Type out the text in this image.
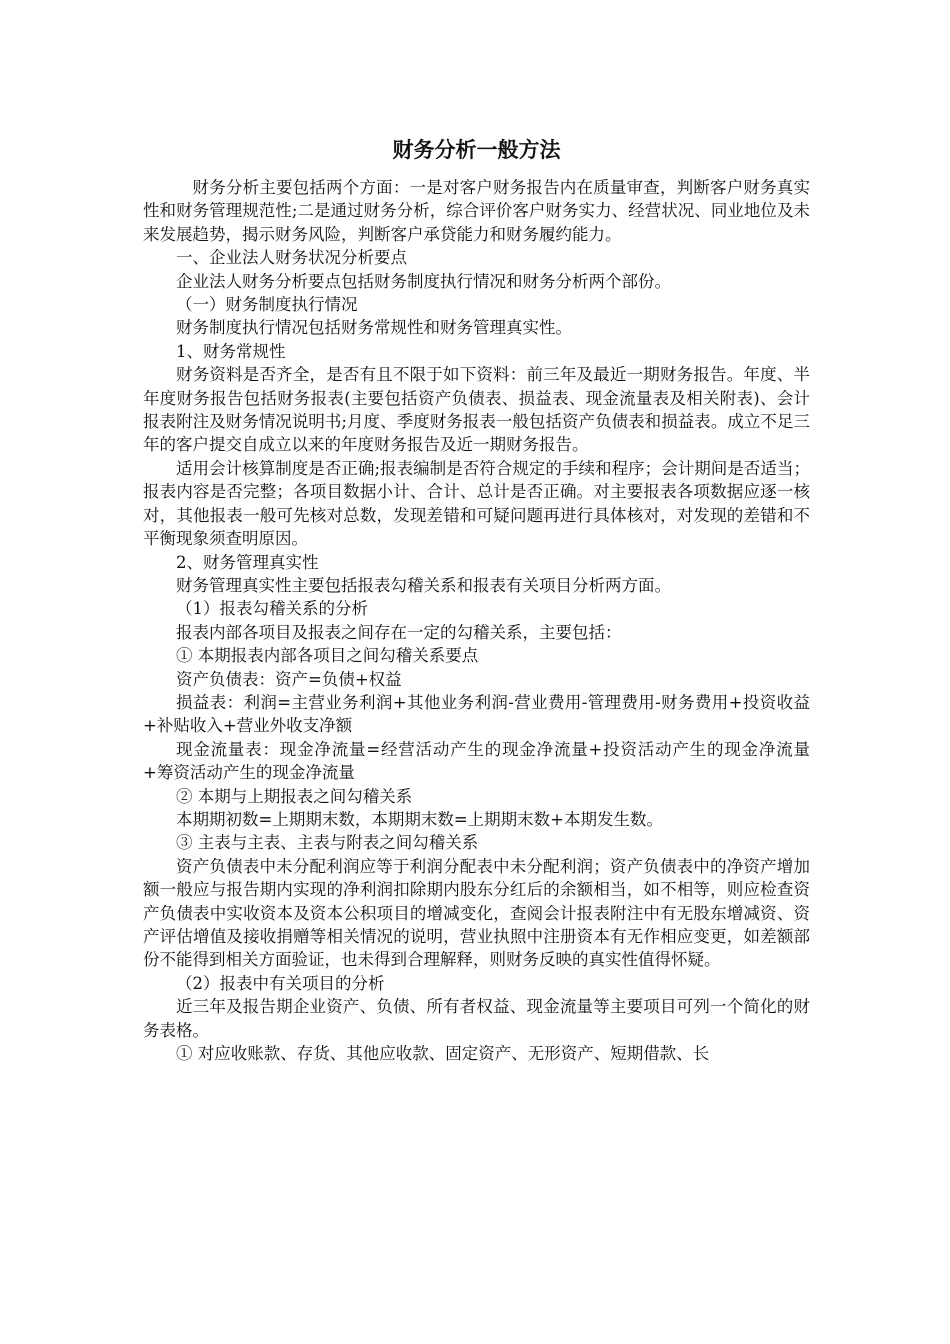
财务分析一般方法

财务分析主要包括两个方面：一是对客户财务报告内在质量审查，判断客户财务真实性和财务管理规范性;二是通过财务分析，综合评价客户财务实力、经营状况、同业地位及未来发展趋势，揭示财务风险，判断客户承贷能力和财务履约能力。

一、企业法人财务状况分析要点

企业法人财务分析要点包括财务制度执行情况和财务分析两个部份。

（一）财务制度执行情况

财务制度执行情况包括财务常规性和财务管理真实性。

1、财务常规性

财务资料是否齐全，是否有且不限于如下资料：前三年及最近一期财务报告。年度、半年度财务报告包括财务报表(主要包括资产负债表、损益表、现金流量表及相关附表)、会计报表附注及财务情况说明书;月度、季度财务报表一般包括资产负债表和损益表。成立不足三年的客户提交自成立以来的年度财务报告及近一期财务报告。

适用会计核算制度是否正确;报表编制是否符合规定的手续和程序；会计期间是否适当；报表内容是否完整；各项目数据小计、合计、总计是否正确。对主要报表各项数据应逐一核对，其他报表一般可先核对总数，发现差错和可疑问题再进行具体核对，对发现的差错和不平衡现象须查明原因。

2、财务管理真实性

财务管理真实性主要包括报表勾稽关系和报表有关项目分析两方面。

（1）报表勾稽关系的分析

报表内部各项目及报表之间存在一定的勾稽关系，主要包括：

① 本期报表内部各项目之间勾稽关系要点

资产负债表：资产=负债+权益

损益表：利润=主营业务利润+其他业务利润-营业费用-管理费用-财务费用+投资收益+补贴收入+营业外收支净额

现金流量表：现金净流量=经营活动产生的现金净流量+投资活动产生的现金净流量+筹资活动产生的现金净流量

② 本期与上期报表之间勾稽关系

本期期初数=上期期末数，本期期末数=上期期末数+本期发生数。

③ 主表与主表、主表与附表之间勾稽关系

资产负债表中未分配利润应等于利润分配表中未分配利润；资产负债表中的净资产增加额一般应与报告期内实现的净利润扣除期内股东分红后的余额相当，如不相等，则应检查资产负债表中实收资本及资本公积项目的增减变化，查阅会计报表附注中有无股东增减资、资产评估增值及接收捐赠等相关情况的说明，营业执照中注册资本有无作相应变更，如差额部份不能得到相关方面验证，也未得到合理解释，则财务反映的真实性值得怀疑。

（2）报表中有关项目的分析

近三年及报告期企业资产、负债、所有者权益、现金流量等主要项目可列一个简化的财务表格。

① 对应收账款、存货、其他应收款、固定资产、无形资产、短期借款、长
